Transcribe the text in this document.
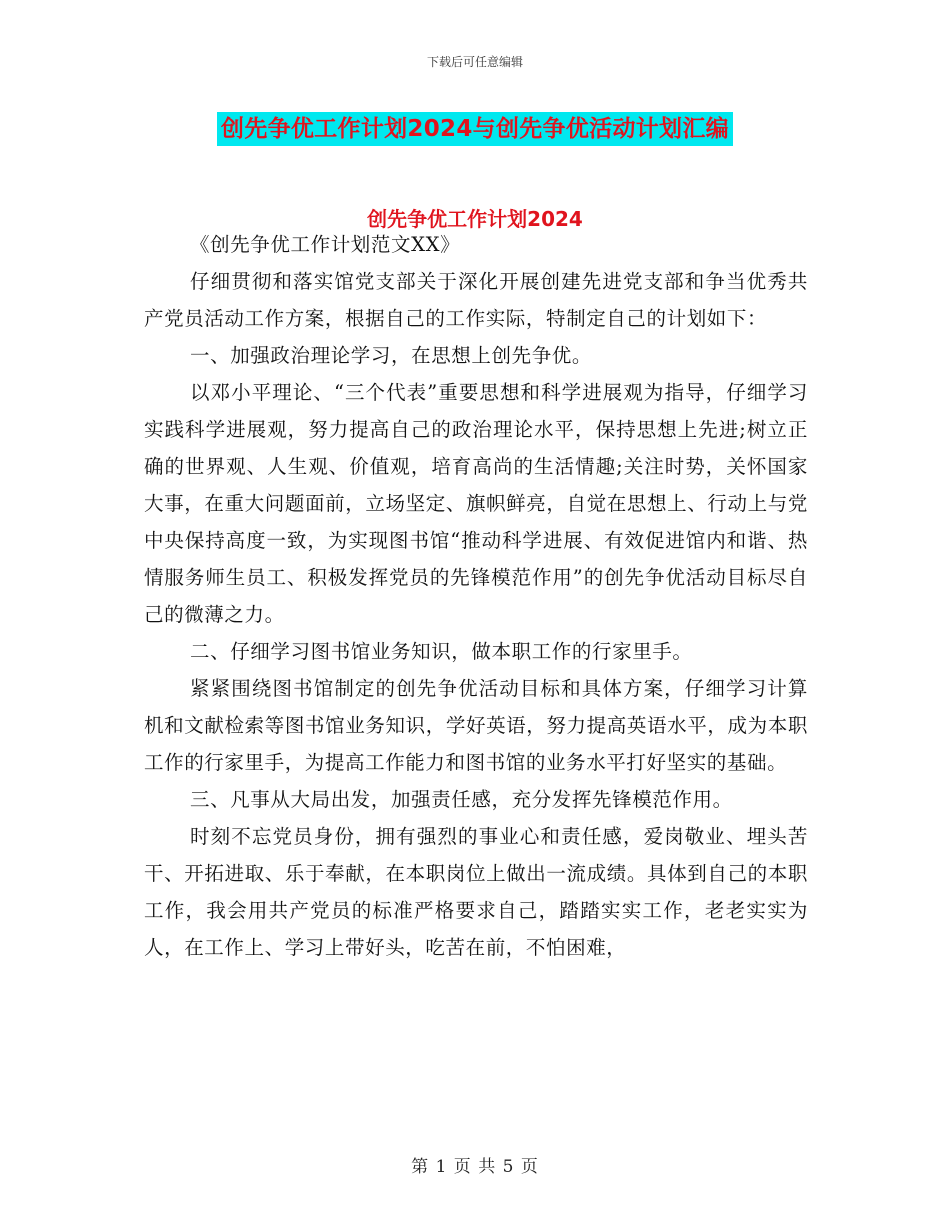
下载后可任意编辑
创先争优工作计划2024与创先争优活动计划汇编
创先争优工作计划2024

《创先争优工作计划范文XX》

仔细贯彻和落实馆党支部关于深化开展创建先进党支部和争当优秀共产党员活动工作方案，根据自己的工作实际，特制定自己的计划如下：

一、加强政治理论学习，在思想上创先争优。

以邓小平理论、“三个代表”重要思想和科学进展观为指导，仔细学习实践科学进展观，努力提高自己的政治理论水平，保持思想上先进;树立正确的世界观、人生观、价值观，培育高尚的生活情趣;关注时势，关怀国家大事，在重大问题面前，立场坚定、旗帜鲜亮，自觉在思想上、行动上与党中央保持高度一致，为实现图书馆“推动科学进展、有效促进馆内和谐、热情服务师生员工、积极发挥党员的先锋模范作用”的创先争优活动目标尽自己的微薄之力。

二、仔细学习图书馆业务知识，做本职工作的行家里手。

紧紧围绕图书馆制定的创先争优活动目标和具体方案，仔细学习计算机和文献检索等图书馆业务知识，学好英语，努力提高英语水平，成为本职工作的行家里手，为提高工作能力和图书馆的业务水平打好坚实的基础。

三、凡事从大局出发，加强责任感，充分发挥先锋模范作用。

时刻不忘党员身份，拥有强烈的事业心和责任感，爱岗敬业、埋头苦干、开拓进取、乐于奉献，在本职岗位上做出一流成绩。具体到自己的本职工作，我会用共产党员的标准严格要求自己，踏踏实实工作，老老实实为人，在工作上、学习上带好头，吃苦在前，不怕困难，

第 1 页 共 5 页
